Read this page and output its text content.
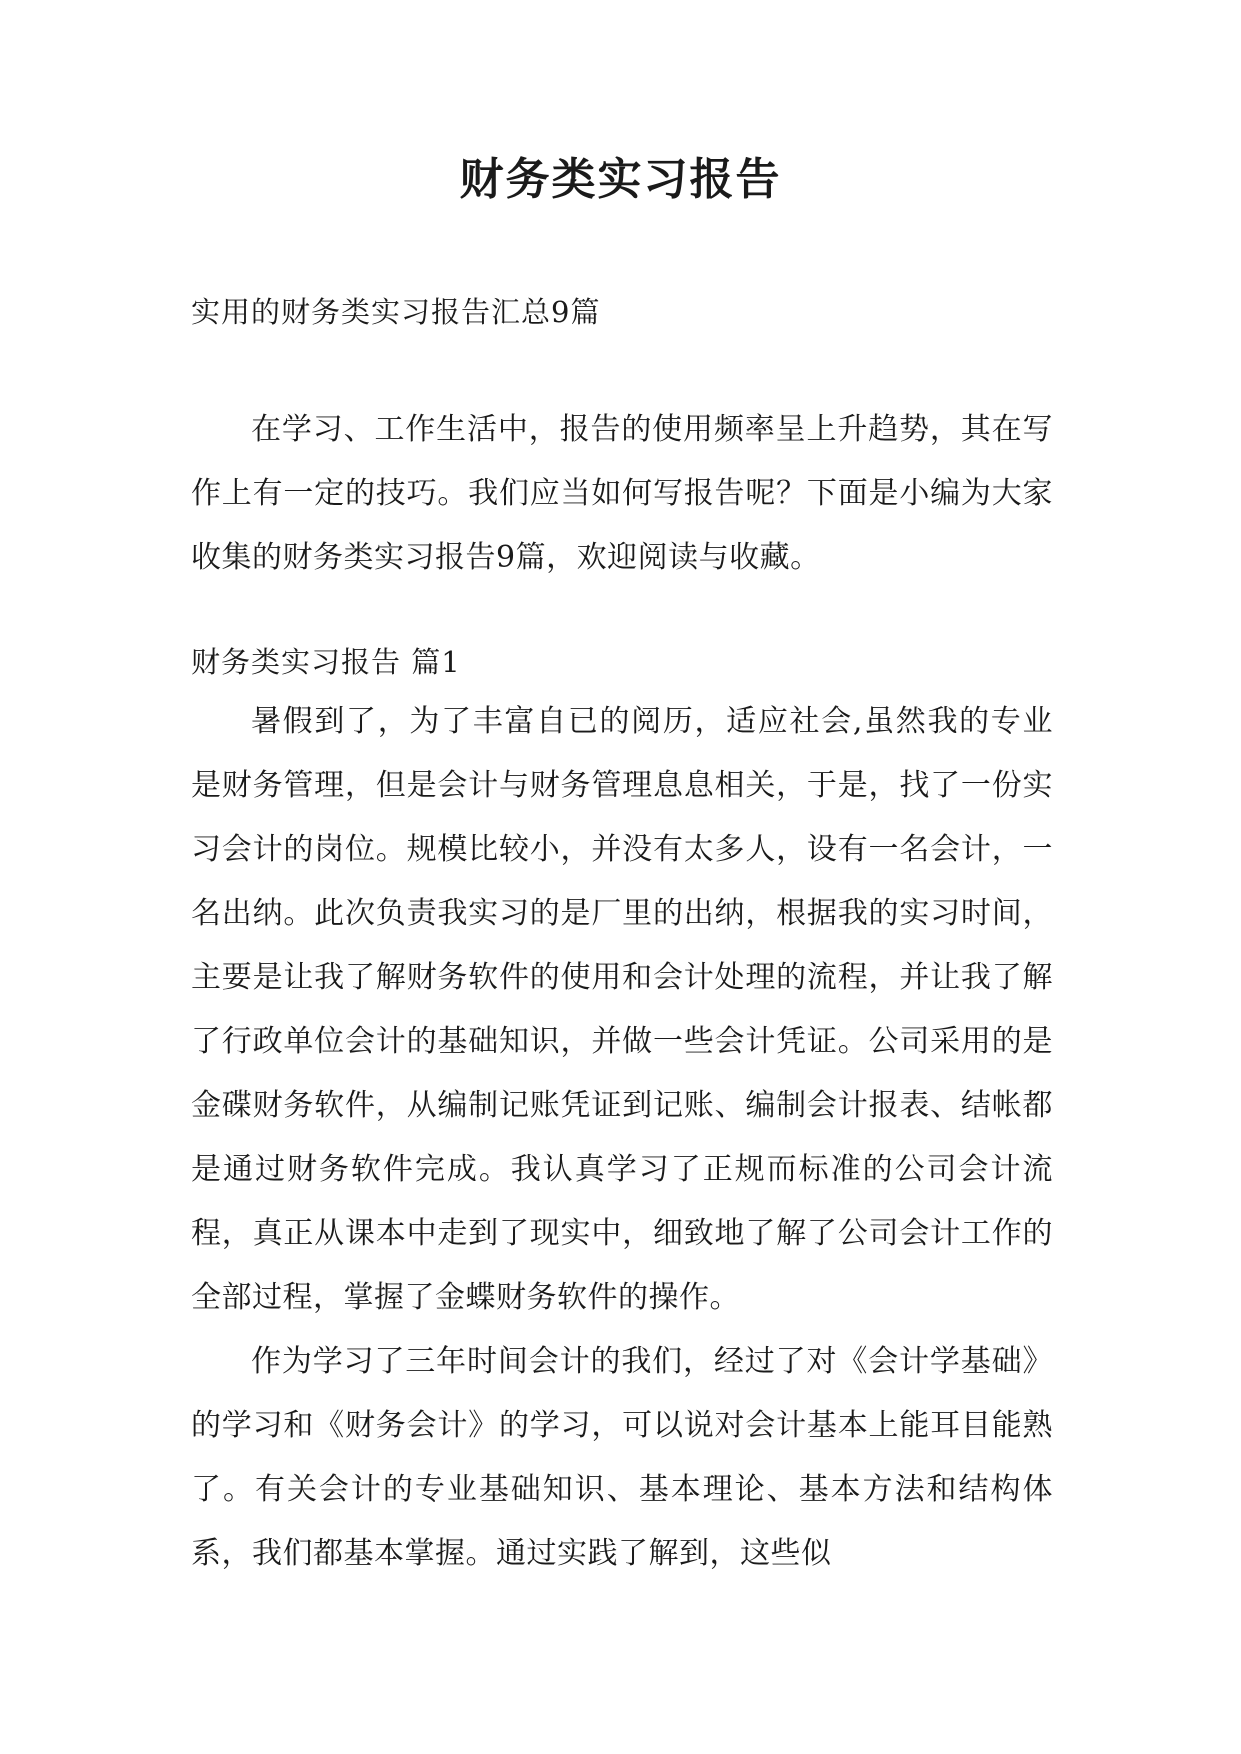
财务类实习报告

实用的财务类实习报告汇总9篇

在学习、工作生活中，报告的使用频率呈上升趋势，其在写作上有一定的技巧。我们应当如何写报告呢？下面是小编为大家收集的财务类实习报告9篇，欢迎阅读与收藏。

财务类实习报告 篇1

暑假到了，为了丰富自已的阅历，适应社会,虽然我的专业是财务管理，但是会计与财务管理息息相关，于是，找了一份实习会计的岗位。规模比较小，并没有太多人，设有一名会计，一名出纳。此次负责我实习的是厂里的出纳，根据我的实习时间，主要是让我了解财务软件的使用和会计处理的流程，并让我了解了行政单位会计的基础知识，并做一些会计凭证。公司采用的是金碟财务软件，从编制记账凭证到记账、编制会计报表、结帐都是通过财务软件完成。我认真学习了正规而标准的公司会计流程，真正从课本中走到了现实中，细致地了解了公司会计工作的全部过程，掌握了金蝶财务软件的操作。

作为学习了三年时间会计的我们，经过了对《会计学基础》的学习和《财务会计》的学习，可以说对会计基本上能耳目能熟了。有关会计的专业基础知识、基本理论、基本方法和结构体系，我们都基本掌握。通过实践了解到，这些似
